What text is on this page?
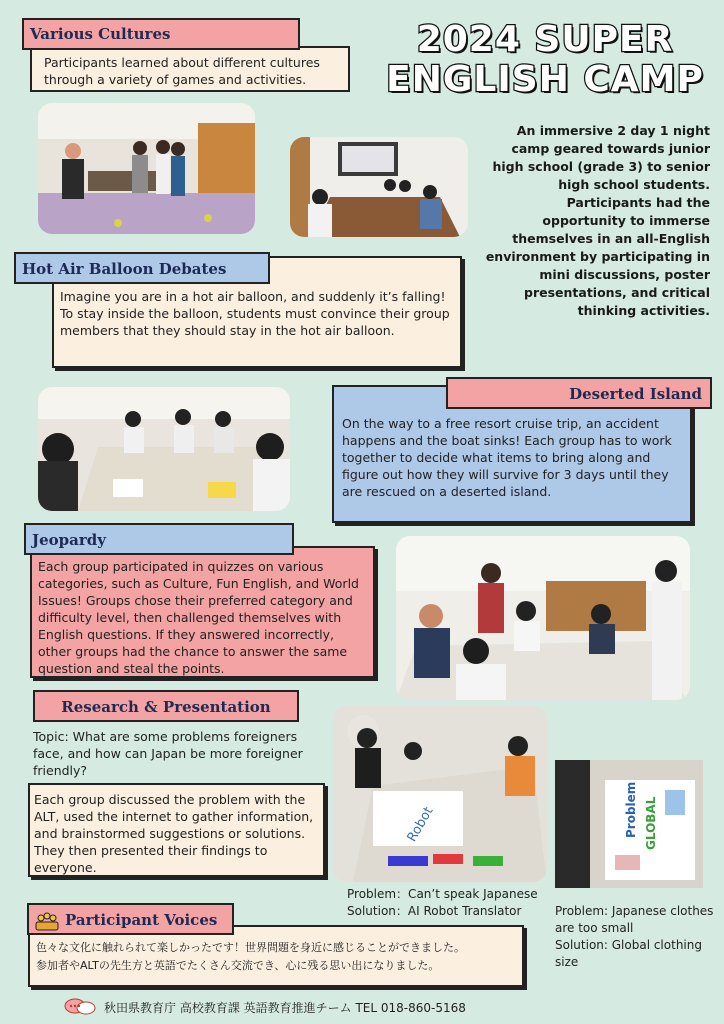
2024 SUPER
ENGLISH CAMP
An immersive 2 day 1 night camp geared towards junior high school (grade 3) to senior high school students. Participants had the opportunity to immerse themselves in an all-English environment by participating in mini discussions, poster presentations, and critical thinking activities.
Participants learned about different cultures through a variety of games and activities.
Various Cultures
Imagine you are in a hot air balloon, and suddenly it’s falling! To stay inside the balloon, students must convince their group members that they should stay in the hot air balloon.
Hot Air Balloon Debates
On the way to a free resort cruise trip, an accident happens and the boat sinks! Each group has to work together to decide what items to bring along and figure out how they will survive for 3 days until they are rescued on a deserted island.
Deserted Island
Each group participated in quizzes on various categories, such as Culture, Fun English, and World Issues! Groups chose their preferred category and difficulty level, then challenged themselves with English questions. If they answered incorrectly, other groups had the chance to answer the same question and steal the points.
Jeopardy
Research & Presentation
Topic: What are some problems foreigners face, and how can Japan be more foreigner friendly?
Each group discussed the problem with the ALT, used the internet to gather information, and brainstormed suggestions or solutions. They then presented their findings to everyone.
Robot	Problem GLOBAL
Problem：Can’t speak Japanese
Solution：AI Robot Translator	Problem: Japanese clothes are too small
Solution: Global clothing size
色々な文化に触れられて楽しかったです！世界問題を身近に感じることができました。
参加者やALTの先生方と英語でたくさん交流でき、心に残る思い出になりました。
Participant Voices
秋田県教育庁 高校教育課 英語教育推進チーム TEL 018-860-5168
